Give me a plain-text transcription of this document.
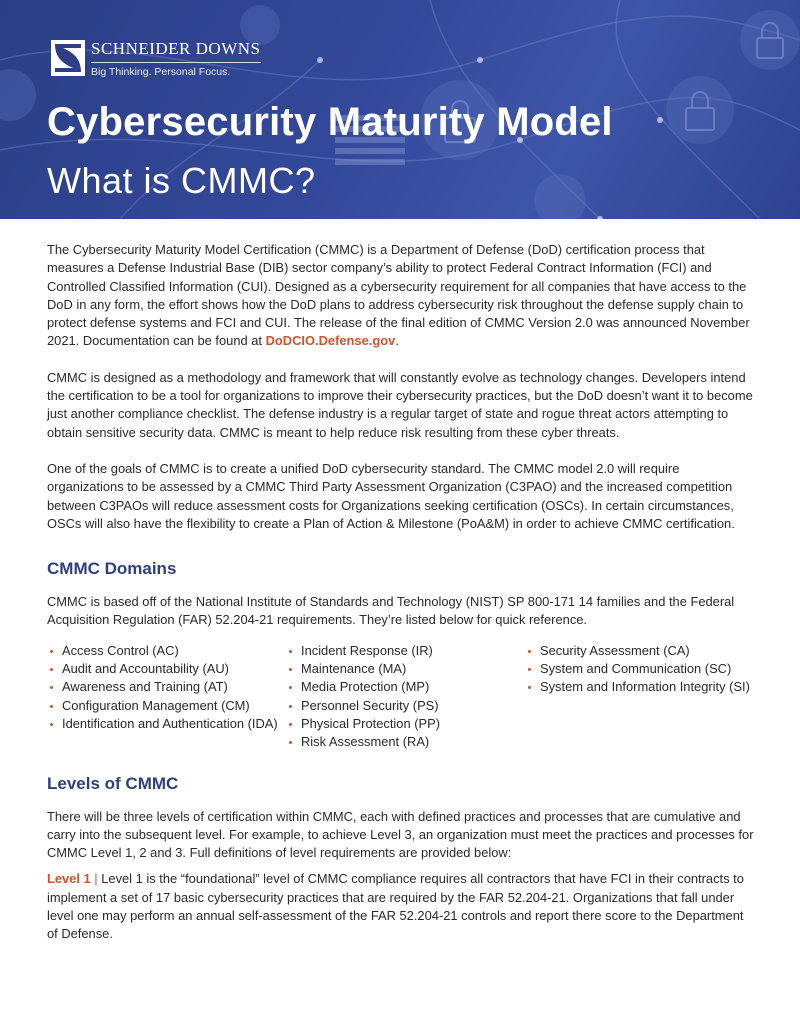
SCHNEIDER DOWNS
Big Thinking. Personal Focus.
Cybersecurity Maturity Model
What is CMMC?

The Cybersecurity Maturity Model Certification (CMMC) is a Department of Defense (DoD) certification process that measures a Defense Industrial Base (DIB) sector company’s ability to protect Federal Contract Information (FCI) and Controlled Classified Information (CUI). Designed as a cybersecurity requirement for all companies that have access to the DoD in any form, the effort shows how the DoD plans to address cybersecurity risk throughout the defense supply chain to protect defense systems and FCI and CUI. The release of the final edition of CMMC Version 2.0 was announced November 2021. Documentation can be found at DoDCIO.Defense.gov.

CMMC is designed as a methodology and framework that will constantly evolve as technology changes. Developers intend the certification to be a tool for organizations to improve their cybersecurity practices, but the DoD doesn’t want it to become just another compliance checklist. The defense industry is a regular target of state and rogue threat actors attempting to obtain sensitive security data. CMMC is meant to help reduce risk resulting from these cyber threats.

One of the goals of CMMC is to create a unified DoD cybersecurity standard. The CMMC model 2.0 will require organizations to be assessed by a CMMC Third Party Assessment Organization (C3PAO) and the increased competition between C3PAOs will reduce assessment costs for Organizations seeking certification (OSCs). In certain circumstances, OSCs will also have the flexibility to create a Plan of Action & Milestone (PoA&M) in order to achieve CMMC certification.

CMMC Domains

CMMC is based off of the National Institute of Standards and Technology (NIST) SP 800-171 14 families and the Federal Acquisition Regulation (FAR) 52.204-21 requirements. They’re listed below for quick reference.

Access Control (AC)
Audit and Accountability (AU)
Awareness and Training (AT)
Configuration Management (CM)
Identification and Authentication (IDA)
Incident Response (IR)
Maintenance (MA)
Media Protection (MP)
Personnel Security (PS)
Physical Protection (PP)
Risk Assessment (RA)
Security Assessment (CA)
System and Communication (SC)
System and Information Integrity (SI)
Levels of CMMC

There will be three levels of certification within CMMC, each with defined practices and processes that are cumulative and carry into the subsequent level. For example, to achieve Level 3, an organization must meet the practices and processes for CMMC Level 1, 2 and 3. Full definitions of level requirements are provided below:

Level 1 | Level 1 is the “foundational” level of CMMC compliance requires all contractors that have FCI in their contracts to implement a set of 17 basic cybersecurity practices that are required by the FAR 52.204-21. Organizations that fall under level one may perform an annual self-assessment of the FAR 52.204-21 controls and report there score to the Department of Defense.
